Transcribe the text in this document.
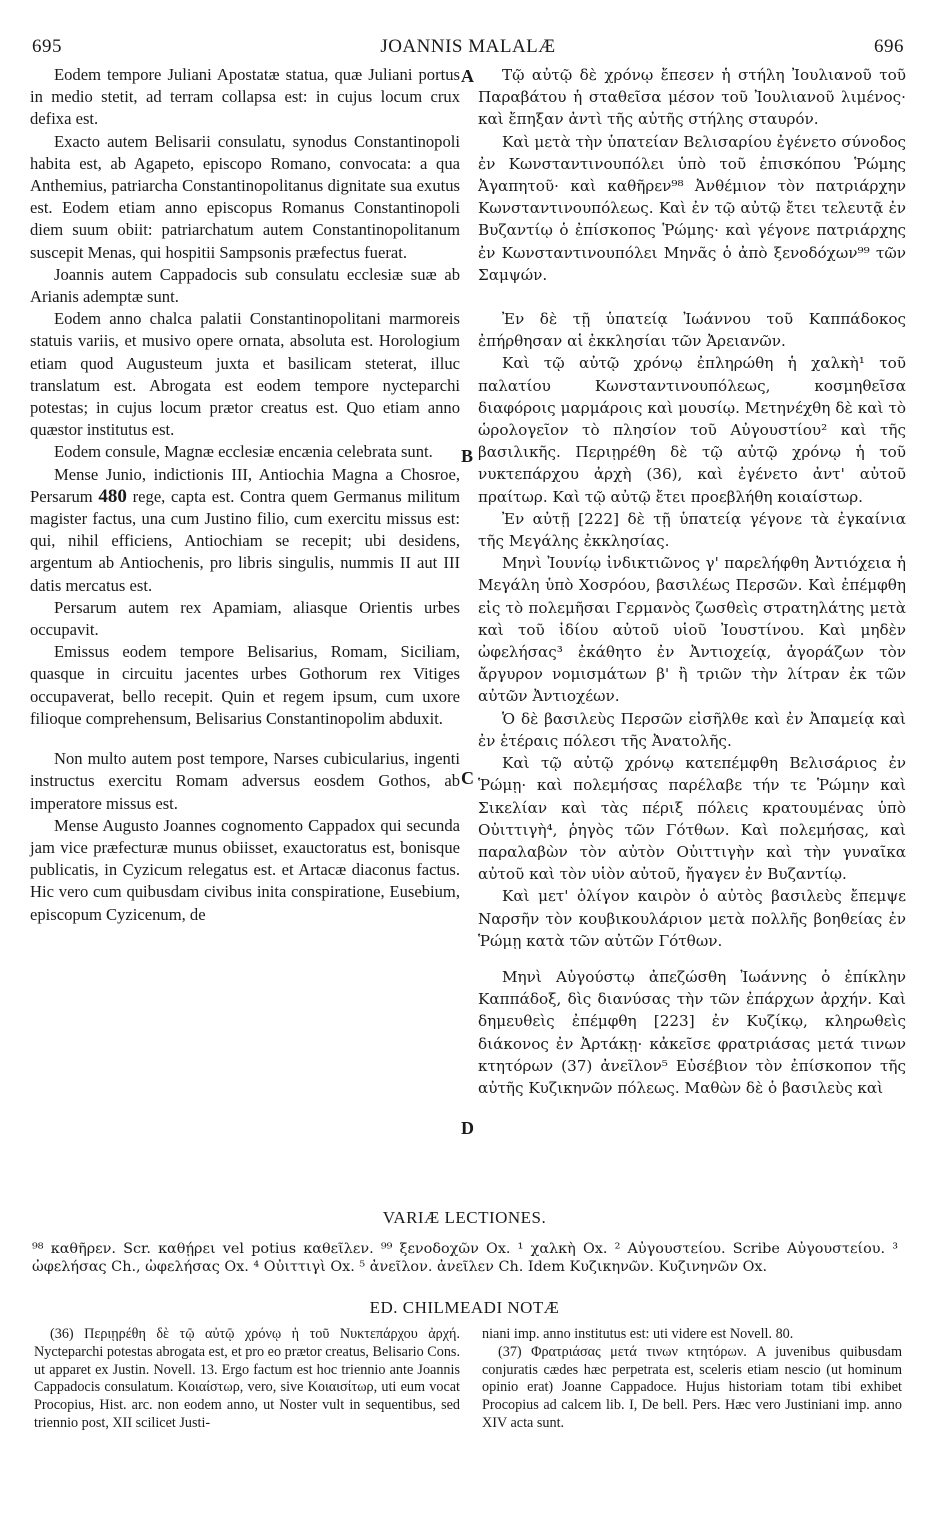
695	JOANNIS MALALÆ	696

Eodem tempore Juliani Apostatæ statua, quæ Juliani portus in medio stetit, ad terram collapsa est: in cujus locum crux defixa est.

Exacto autem Belisarii consulatu, synodus Constantinopoli habita est, ab Agapeto, episcopo Romano, convocata: a qua Anthemius, patriarcha Constantinopolitanus dignitate sua exutus est. Eodem etiam anno episcopus Romanus Constantinopoli diem suum obiit: patriarchatum autem Constantinopolitanum suscepit Menas, qui hospitii Sampsonis præfectus fuerat.

Joannis autem Cappadocis sub consulatu ecclesiæ suæ ab Arianis ademptæ sunt.

Eodem anno chalca palatii Constantinopolitani marmoreis statuis variis, et musivo opere ornata, absoluta est. Horologium etiam quod Augusteum juxta et basilicam steterat, illuc translatum est. Abrogata est eodem tempore nycteparchi potestas; in cujus locum prætor creatus est. Quo etiam anno quæstor institutus est.

Eodem consule, Magnæ ecclesiæ encænia celebrata sunt.

Mense Junio, indictionis III, Antiochia Magna a Chosroe, Persarum 480 rege, capta est. Contra quem Germanus militum magister factus, una cum Justino filio, cum exercitu missus est: qui, nihil efficiens, Antiochiam se recepit; ubi desidens, argentum ab Antiochenis, pro libris singulis, nummis II aut III datis mercatus est.

Persarum autem rex Apamiam, aliasque Orientis urbes occupavit.

Emissus eodem tempore Belisarius, Romam, Siciliam, quasque in circuitu jacentes urbes Gothorum rex Vitiges occupaverat, bello recepit. Quin et regem ipsum, cum uxore filioque comprehensum, Belisarius Constantinopolim abduxit.

Non multo autem post tempore, Narses cubicularius, ingenti instructus exercitu Romam adversus eosdem Gothos, ab imperatore missus est.

Mense Augusto Joannes cognomento Cappadox qui secunda jam vice præfecturæ munus obiisset, exauctoratus est, bonisque publicatis, in Cyzicum relegatus est. et Artacæ diaconus factus. Hic vero cum quibusdam civibus inita conspiratione, Eusebium, episcopum Cyzicenum, de

A
B
C
D

Τῷ αὐτῷ δὲ χρόνῳ ἔπεσεν ἡ στήλη Ἰουλιανοῦ τοῦ Παραβάτου ἡ σταθεῖσα μέσον τοῦ Ἰουλιανοῦ λιμένος· καὶ ἔπηξαν ἀντὶ τῆς αὐτῆς στήλης σταυρόν.

Καὶ μετὰ τὴν ὑπατείαν Βελισαρίου ἐγένετο σύνοδος ἐν Κωνσταντινουπόλει ὑπὸ τοῦ ἐπισκόπου Ῥώμης Ἀγαπητοῦ· καὶ καθῆρεν⁹⁸ Ἀνθέμιον τὸν πατριάρχην Κωνσταντινουπόλεως. Καὶ ἐν τῷ αὐτῷ ἔτει τελευτᾷ ἐν Βυζαντίῳ ὁ ἐπίσκοπος Ῥώμης· καὶ γέγονε πατριάρχης ἐν Κωνσταντινουπόλει Μηνᾶς ὁ ἀπὸ ξενοδόχων⁹⁹ τῶν Σαμψών.

Ἐν δὲ τῇ ὑπατείᾳ Ἰωάννου τοῦ Καππάδοκος ἐπήρθησαν αἱ ἐκκλησίαι τῶν Ἀρειανῶν.

Καὶ τῷ αὐτῷ χρόνῳ ἐπληρώθη ἡ χαλκὴ¹ τοῦ παλατίου Κωνσταντινουπόλεως, κοσμηθεῖσα διαφόροις μαρμάροις καὶ μουσίῳ. Μετηνέχθη δὲ καὶ τὸ ὡρολογεῖον τὸ πλησίον τοῦ Αὐγουστίου² καὶ τῆς βασιλικῆς. Περιῃρέθη δὲ τῷ αὐτῷ χρόνῳ ἡ τοῦ νυκτεπάρχου ἀρχὴ (36), καὶ ἐγένετο ἀντ' αὐτοῦ πραίτωρ. Καὶ τῷ αὐτῷ ἔτει προεβλήθη κοιαίστωρ.

Ἐν αὐτῇ [222] δὲ τῇ ὑπατείᾳ γέγονε τὰ ἐγκαίνια τῆς Μεγάλης ἐκκλησίας.

Μηνὶ Ἰουνίῳ ἰνδικτιῶνος γ' παρελήφθη Ἀντιόχεια ἡ Μεγάλη ὑπὸ Χοσρόου, βασιλέως Περσῶν. Καὶ ἐπέμφθη εἰς τὸ πολεμῆσαι Γερμανὸς ζωσθεὶς στρατηλάτης μετὰ καὶ τοῦ ἰδίου αὐτοῦ υἱοῦ Ἰουστίνου. Καὶ μηδὲν ὠφελήσας³ ἐκάθητο ἐν Ἀντιοχείᾳ, ἀγοράζων τὸν ἄργυρον νομισμάτων β' ἢ τριῶν τὴν λίτραν ἐκ τῶν αὐτῶν Ἀντιοχέων.

Ὁ δὲ βασιλεὺς Περσῶν εἰσῆλθε καὶ ἐν Ἀπαμείᾳ καὶ ἐν ἑτέραις πόλεσι τῆς Ἀνατολῆς.

Καὶ τῷ αὐτῷ χρόνῳ κατεπέμφθη Βελισάριος ἐν Ῥώμῃ· καὶ πολεμήσας παρέλαβε τήν τε Ῥώμην καὶ Σικελίαν καὶ τὰς πέριξ πόλεις κρατουμένας ὑπὸ Οὐιττιγὴ⁴, ῥηγὸς τῶν Γότθων. Καὶ πολεμήσας, καὶ παραλαβὼν τὸν αὐτὸν Οὐιττιγὴν καὶ τὴν γυναῖκα αὐτοῦ καὶ τὸν υἱὸν αὐτοῦ, ἤγαγεν ἐν Βυζαντίῳ.

Καὶ μετ' ὀλίγον καιρὸν ὁ αὐτὸς βασιλεὺς ἔπεμψε Ναρσῆν τὸν κουβικουλάριον μετὰ πολλῆς βοηθείας ἐν Ῥώμῃ κατὰ τῶν αὐτῶν Γότθων.

Μηνὶ Αὐγούστῳ ἀπεζώσθη Ἰωάννης ὁ ἐπίκλην Καππάδοξ, δὶς διανύσας τὴν τῶν ἐπάρχων ἀρχήν. Καὶ δημευθεὶς ἐπέμφθη [223] ἐν Κυζίκῳ, κληρωθεὶς διάκονος ἐν Ἀρτάκῃ· κἀκεῖσε φρατριάσας μετά τινων κτητόρων (37) ἀνεῖλον⁵ Εὐσέβιον τὸν ἐπίσκοπον τῆς αὐτῆς Κυζικηνῶν πόλεως. Μαθὼν δὲ ὁ βασιλεὺς καὶ

VARIÆ LECTIONES.
⁹⁸ καθῆρεν. Scr. καθῄρει vel potius καθεῖλεν. ⁹⁹ ξενοδοχῶν Ox. ¹ χαλκὴ Ox. ² Αὐγουστείου. Scribe Αὐγουστείου. ³ ὠφελήσας Ch., ὠφελήσας Ox. ⁴ Οὐιττιγὶ Ox. ⁵ ἀνεῖλον. ἀνεῖλεν Ch. Idem Κυζικηνῶν. Κυζινηνῶν Ox.
ED. CHILMEADI NOTÆ

(36) Περιῃρέθη δὲ τῷ αὐτῷ χρόνῳ ἡ τοῦ Νυκτεπάρχου ἀρχή. Nycteparchi potestas abrogata est, et pro eo prætor creatus, Belisario Cons. ut apparet ex Justin. Novell. 13. Ergo factum est hoc triennio ante Joannis Cappadocis consulatum. Κοιαίστωρ, vero, sive Κοιαισίτωρ, uti eum vocat Procopius, Hist. arc. non eodem anno, ut Noster vult in sequentibus, sed triennio post, XII scilicet Justi-

niani imp. anno institutus est: uti videre est Novell. 80.

(37) Φρατριάσας μετά τινων κτητόρων. A juvenibus quibusdam conjuratis cædes hæc perpetrata est, sceleris etiam nescio (ut hominum opinio erat) Joanne Cappadoce. Hujus historiam totam tibi exhibet Procopius ad calcem lib. I, De bell. Pers. Hæc vero Justiniani imp. anno XIV acta sunt.
